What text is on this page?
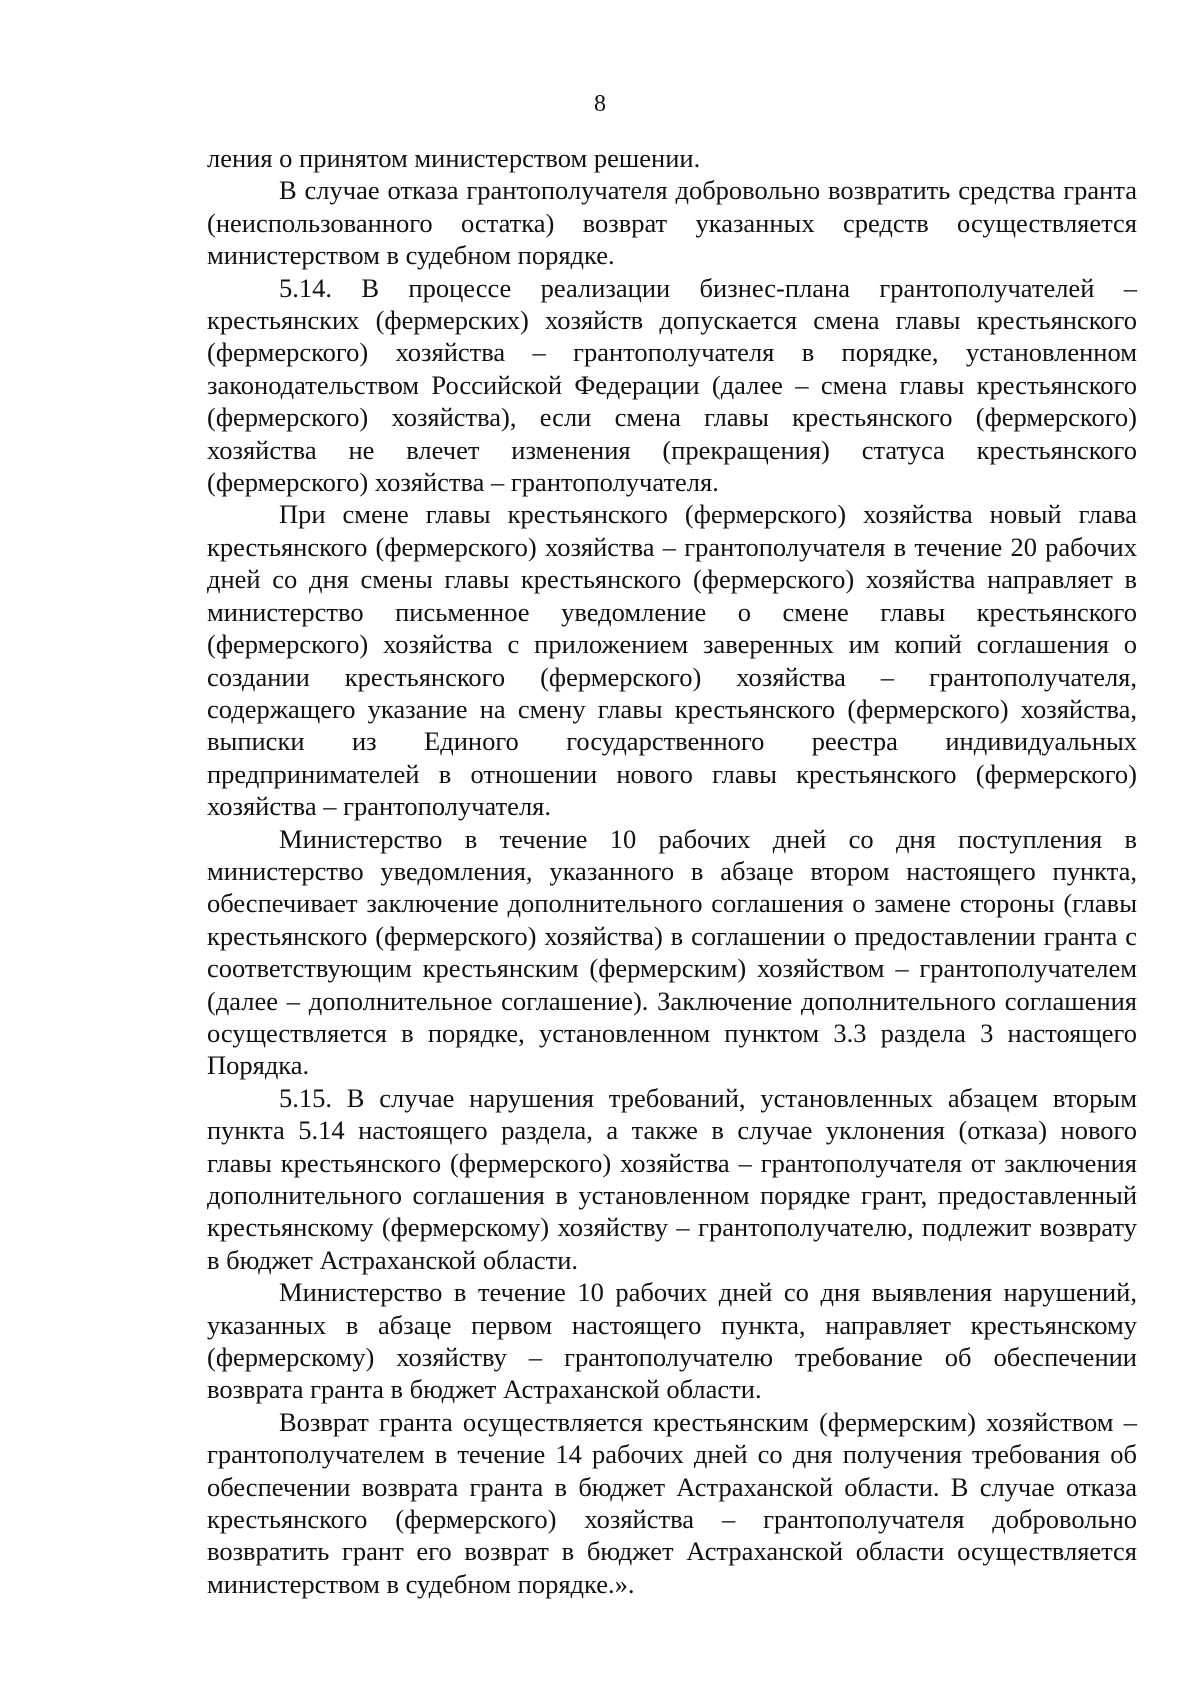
8

ления о принятом министерством решении.

В случае отказа грантополучателя добровольно возвратить средства гранта (неиспользованного остатка) возврат указанных средств осуществляется министерством в судебном порядке.

5.14. В процессе реализации бизнес-плана грантополучателей – крестьянских (фермерских) хозяйств допускается смена главы крестьянского (фермерского) хозяйства – грантополучателя в порядке, установленном законодательством Российской Федерации (далее – смена главы крестьянского (фермерского) хозяйства), если смена главы крестьянского (фермерского) хозяйства не влечет изменения (прекращения) статуса крестьянского (фермерского) хозяйства – грантополучателя.

При смене главы крестьянского (фермерского) хозяйства новый глава крестьянского (фермерского) хозяйства – грантополучателя в течение 20 рабочих дней со дня смены главы крестьянского (фермерского) хозяйства направляет в министерство письменное уведомление о смене главы крестьянского (фермерского) хозяйства с приложением заверенных им копий соглашения о создании крестьянского (фермерского) хозяйства – грантополучателя, содержащего указание на смену главы крестьянского (фермерского) хозяйства, выписки из Единого государственного реестра индивидуальных предпринимателей в отношении нового главы крестьянского (фермерского) хозяйства – грантополучателя.

Министерство в течение 10 рабочих дней со дня поступления в министерство уведомления, указанного в абзаце втором настоящего пункта, обеспечивает заключение дополнительного соглашения о замене стороны (главы крестьянского (фермерского) хозяйства) в соглашении о предоставлении гранта с соответствующим крестьянским (фермерским) хозяйством – грантополучателем (далее – дополнительное соглашение). Заключение дополнительного соглашения осуществляется в порядке, установленном пунктом 3.3 раздела 3 настоящего Порядка.

5.15. В случае нарушения требований, установленных абзацем вторым пункта 5.14 настоящего раздела, а также в случае уклонения (отказа) нового главы крестьянского (фермерского) хозяйства – грантополучателя от заключения дополнительного соглашения в установленном порядке грант, предоставленный крестьянскому (фермерскому) хозяйству – грантополучателю, подлежит возврату в бюджет Астраханской области.

Министерство в течение 10 рабочих дней со дня выявления нарушений, указанных в абзаце первом настоящего пункта, направляет крестьянскому (фермерскому) хозяйству – грантополучателю требование об обеспечении возврата гранта в бюджет Астраханской области.

Возврат гранта осуществляется крестьянским (фермерским) хозяйством – грантополучателем в течение 14 рабочих дней со дня получения требования об обеспечении возврата гранта в бюджет Астраханской области. В случае отказа крестьянского (фермерского) хозяйства – грантополучателя добровольно возвратить грант его возврат в бюджет Астраханской области осуществляется министерством в судебном порядке.».
